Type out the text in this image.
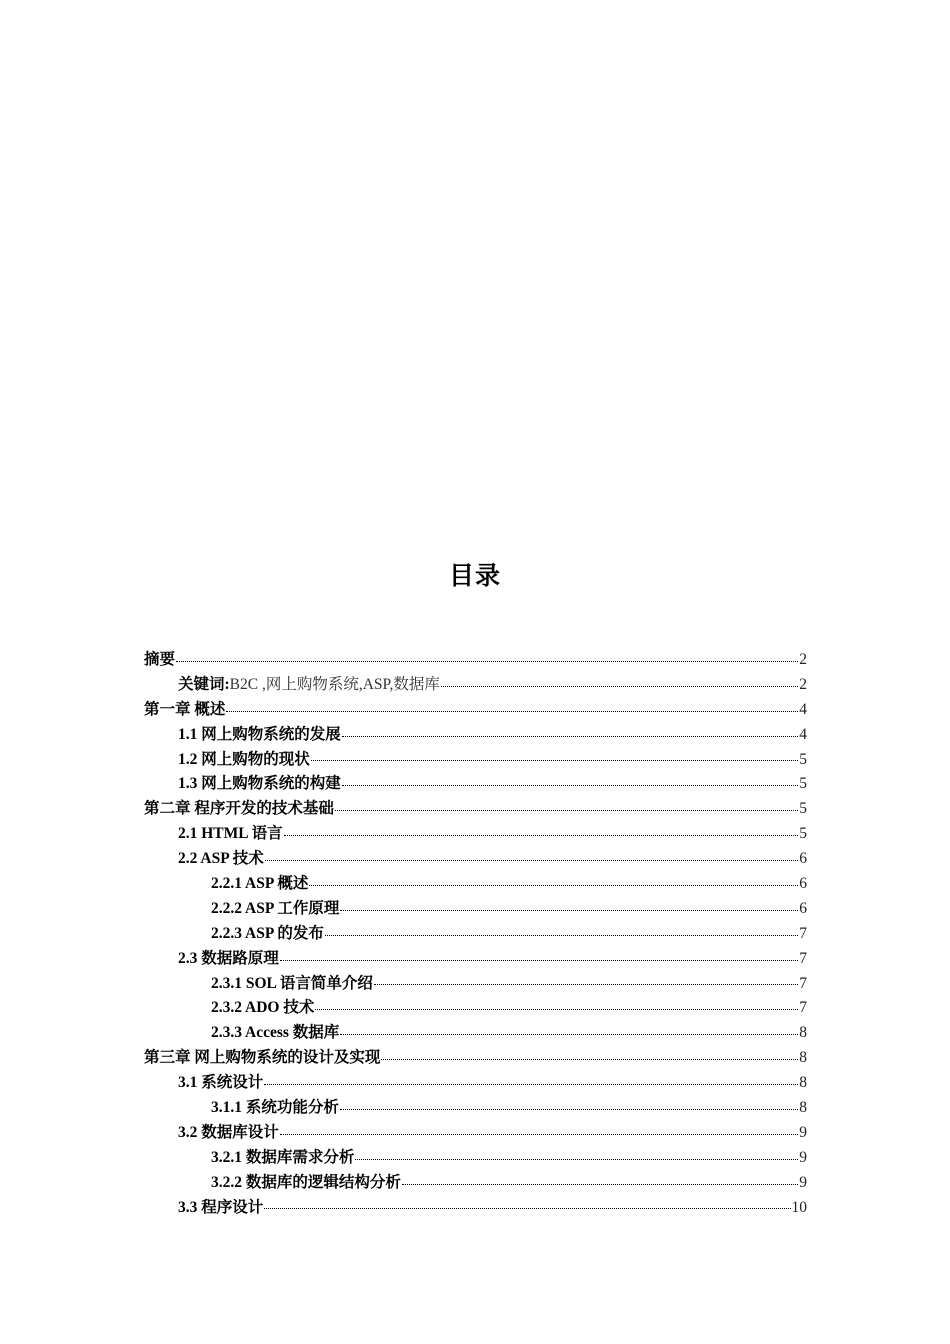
目录
摘要	2
关键词:B2C ,网上购物系统,ASP,数据库	2
第一章 概述	4
1.1 网上购物系统的发展	4
1.2 网上购物的现状	5
1.3 网上购物系统的构建	5
第二章 程序开发的技术基础	5
2.1 HTML 语言	5
2.2 ASP 技术	6
2.2.1 ASP 概述	6
2.2.2 ASP 工作原理	6
2.2.3 ASP 的发布	7
2.3 数据路原理	7
2.3.1 SOL 语言简单介绍	7
2.3.2 ADO 技术	7
2.3.3 Access 数据库	8
第三章 网上购物系统的设计及实现	8
3.1 系统设计	8
3.1.1 系统功能分析	8
3.2 数据库设计	9
3.2.1 数据库需求分析	9
3.2.2 数据库的逻辑结构分析	9
3.3 程序设计	10
